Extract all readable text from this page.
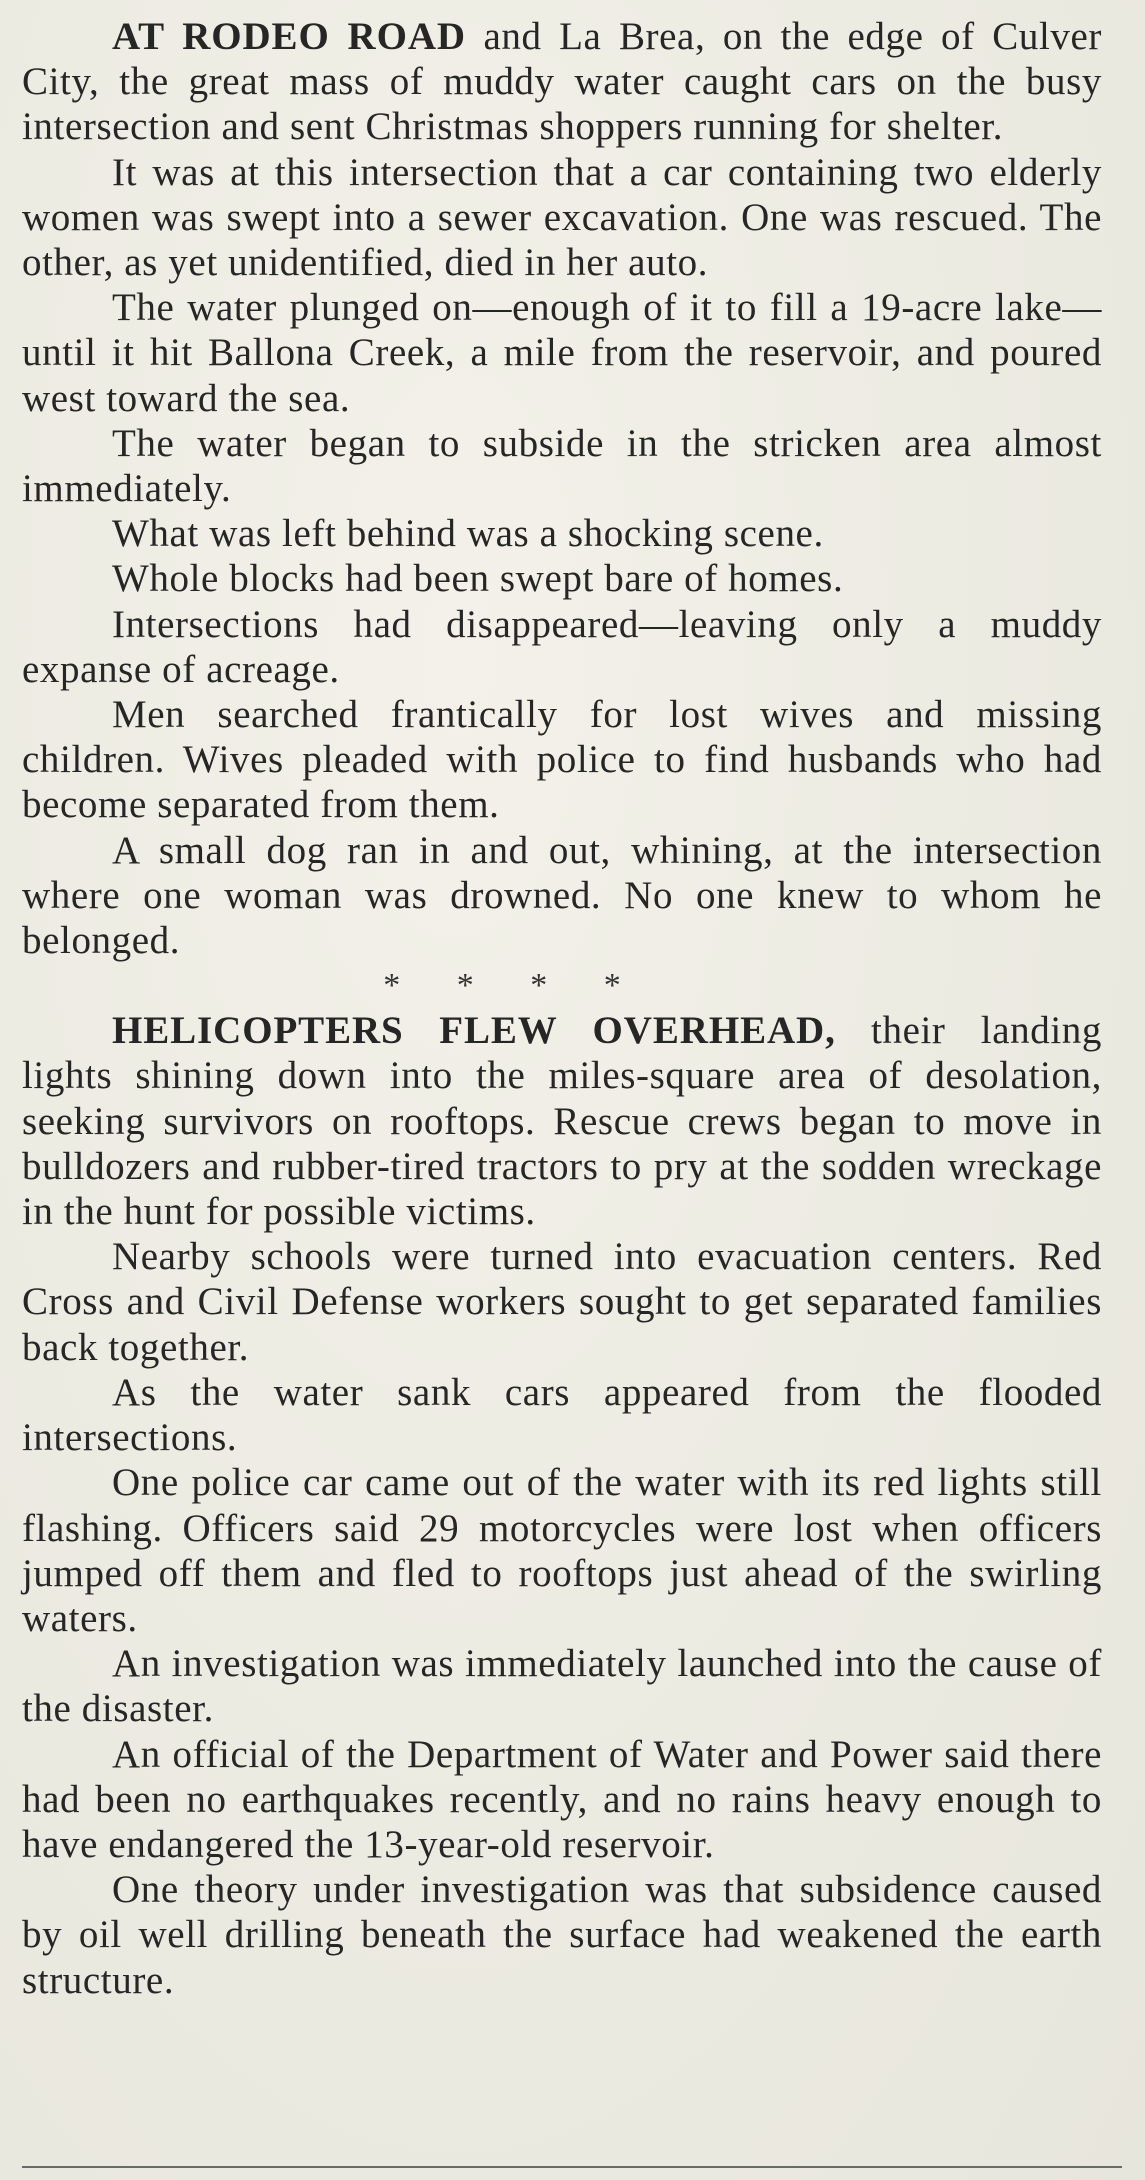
AT RODEO ROAD and La Brea, on the edge of Culver City, the great mass of muddy water caught cars on the busy intersection and sent Christmas shoppers running for shelter.

It was at this intersection that a car containing two elderly women was swept into a sewer excavation. One was rescued. The other, as yet unidentified, died in her auto.

The water plunged on—enough of it to fill a 19-acre lake—until it hit Ballona Creek, a mile from the reservoir, and poured west toward the sea.

The water began to subside in the stricken area almost immediately.

What was left behind was a shocking scene.

Whole blocks had been swept bare of homes.

Intersections had disappeared—leaving only a muddy expanse of acreage.

Men searched frantically for lost wives and missing children. Wives pleaded with police to find husbands who had become separated from them.

A small dog ran in and out, whining, at the intersection where one woman was drowned. No one knew to whom he belonged.

* * * *

HELICOPTERS FLEW OVERHEAD, their landing lights shining down into the miles-square area of desolation, seeking survivors on rooftops. Rescue crews began to move in bulldozers and rubber-tired tractors to pry at the sodden wreckage in the hunt for possible victims.

Nearby schools were turned into evacuation centers. Red Cross and Civil Defense workers sought to get separated families back together.

As the water sank cars appeared from the flooded intersections.

One police car came out of the water with its red lights still flashing. Officers said 29 motorcycles were lost when officers jumped off them and fled to rooftops just ahead of the swirling waters.

An investigation was immediately launched into the cause of the disaster.

An official of the Department of Water and Power said there had been no earthquakes recently, and no rains heavy enough to have endangered the 13-year-old reservoir.

One theory under investigation was that subsidence caused by oil well drilling beneath the surface had weakened the earth structure.
